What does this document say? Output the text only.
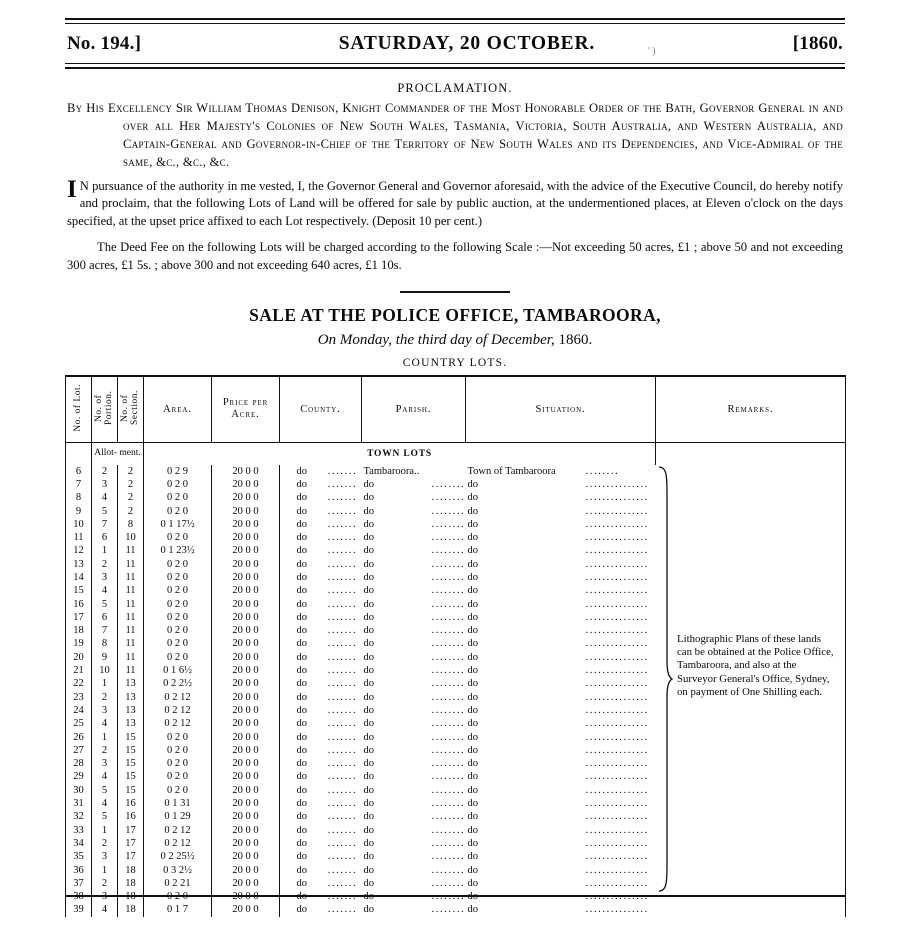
No. 194.]	SATURDAY, 20 OCTOBER.	[1860.
PROCLAMATION.
By His Excellency Sir William Thomas Denison, Knight Commander of the Most Honorable Order of the Bath, Governor General in and over all Her Majesty's Colonies of New South Wales, Tasmania, Victoria, South Australia, and Western Australia, and Captain-General and Governor-in-Chief of the Territory of New South Wales and its Dependencies, and Vice-Admiral of the same, &c., &c., &c.
I N pursuance of the authority in me vested, I, the Governor General and Governor aforesaid, with the advice of the Executive Council, do hereby notify and proclaim, that the following Lots of Land will be offered for sale by public auction, at the undermentioned places, at Eleven o'clock on the days specified, at the upset price affixed to each Lot respectively. (Deposit 10 per cent.)
The Deed Fee on the following Lots will be charged according to the following Scale :—Not exceeding 50 acres, £1 ; above 50 and not exceeding 300 acres, £1 5s. ; above 300 and not exceeding 640 acres, £1 10s.
SALE AT THE POLICE OFFICE, TAMBAROORA,
On Monday, the third day of December, 1860.
COUNTRY LOTS.
No. of Lot.	No. of Portion.	No. of Section.	Area.	Price per Acre.	County.	Parish.	Situation.	Remarks.
	Allot- ment.		TOWN LOTS					
6	2	2	0 2 9	20 0 0	do	.......	Tambaroora..		Town of Tambaroora	........	
7	3	2	0 2 0	20 0 0	do	.......	do	........	do	...............	
8	4	2	0 2 0	20 0 0	do	.......	do	........	do	...............	
9	5	2	0 2 0	20 0 0	do	.......	do	........	do	...............	
10	7	8	0 1 17½	20 0 0	do	.......	do	........	do	...............	
11	6	10	0 2 0	20 0 0	do	.......	do	........	do	...............	
12	1	11	0 1 23½	20 0 0	do	.......	do	........	do	...............	
13	2	11	0 2 0	20 0 0	do	.......	do	........	do	...............	
14	3	11	0 2 0	20 0 0	do	.......	do	........	do	...............	
15	4	11	0 2 0	20 0 0	do	.......	do	........	do	...............	
16	5	11	0 2 0	20 0 0	do	.......	do	........	do	...............	
17	6	11	0 2 0	20 0 0	do	.......	do	........	do	...............	
18	7	11	0 2 0	20 0 0	do	.......	do	........	do	...............	
19	8	11	0 2 0	20 0 0	do	.......	do	........	do	...............	
20	9	11	0 2 0	20 0 0	do	.......	do	........	do	...............	
21	10	11	0 1 6½	20 0 0	do	.......	do	........	do	...............	
22	1	13	0 2 2½	20 0 0	do	.......	do	........	do	...............	
23	2	13	0 2 12	20 0 0	do	.......	do	........	do	...............	
24	3	13	0 2 12	20 0 0	do	.......	do	........	do	...............	
25	4	13	0 2 12	20 0 0	do	.......	do	........	do	...............	
26	1	15	0 2 0	20 0 0	do	.......	do	........	do	...............	
27	2	15	0 2 0	20 0 0	do	.......	do	........	do	...............	
28	3	15	0 2 0	20 0 0	do	.......	do	........	do	...............	
29	4	15	0 2 0	20 0 0	do	.......	do	........	do	...............	
30	5	15	0 2 0	20 0 0	do	.......	do	........	do	...............	
31	4	16	0 1 31	20 0 0	do	.......	do	........	do	...............	
32	5	16	0 1 29	20 0 0	do	.......	do	........	do	...............	
33	1	17	0 2 12	20 0 0	do	.......	do	........	do	...............	
34	2	17	0 2 12	20 0 0	do	.......	do	........	do	...............	
35	3	17	0 2 25½	20 0 0	do	.......	do	........	do	...............	
36	1	18	0 3 2½	20 0 0	do	.......	do	........	do	...............	
37	2	18	0 2 21	20 0 0	do	.......	do	........	do	...............	
38	3	18	0 2 0	20 0 0	do	.......	do	........	do	...............	
39	4	18	0 1 7	20 0 0	do	.......	do	........	do	...............	
Lithographic Plans of these lands can be obtained at the Police Office, Tambaroora, and also at the Surveyor General's Office, Sydney, on payment of One Shilling each.
' )
